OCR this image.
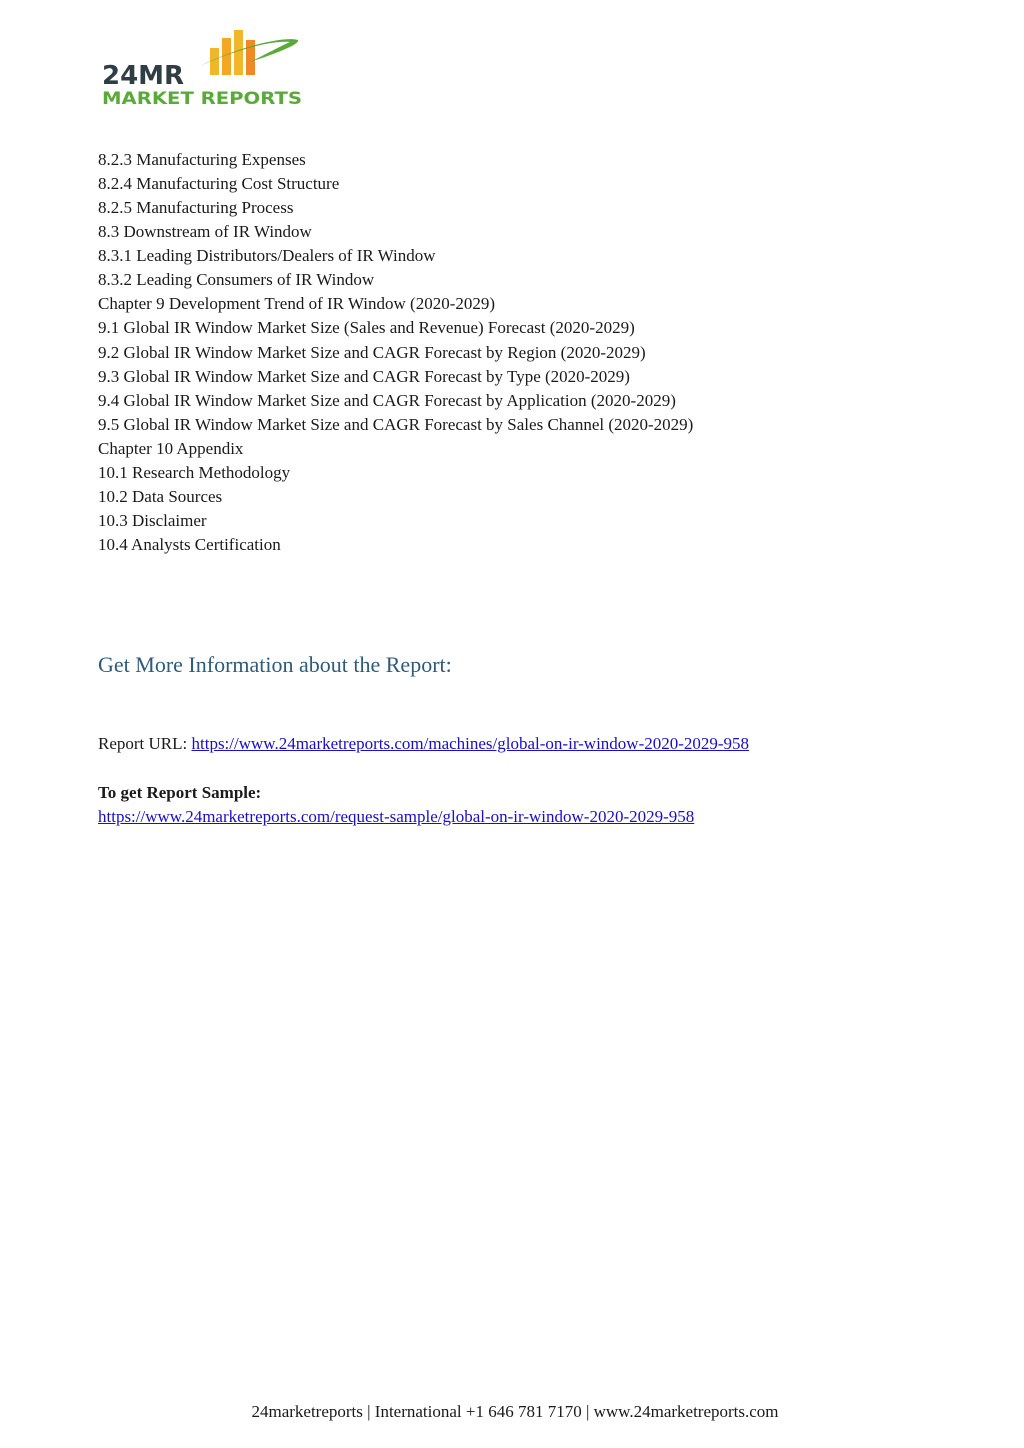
24MR
MARKET REPORTS
8.2.3 Manufacturing Expenses
8.2.4 Manufacturing Cost Structure
8.2.5 Manufacturing Process
8.3 Downstream of IR Window
8.3.1 Leading Distributors/Dealers of IR Window
8.3.2 Leading Consumers of IR Window
Chapter 9 Development Trend of IR Window (2020-2029)
9.1 Global IR Window Market Size (Sales and Revenue) Forecast (2020-2029)
9.2 Global IR Window Market Size and CAGR Forecast by Region (2020-2029)
9.3 Global IR Window Market Size and CAGR Forecast by Type (2020-2029)
9.4 Global IR Window Market Size and CAGR Forecast by Application (2020-2029)
9.5 Global IR Window Market Size and CAGR Forecast by Sales Channel (2020-2029)
Chapter 10 Appendix
10.1 Research Methodology
10.2 Data Sources
10.3 Disclaimer
10.4 Analysts Certification
Get More Information about the Report:
Report URL: https://www.24marketreports.com/machines/global-on-ir-window-2020-2029-958
To get Report Sample:
https://www.24marketreports.com/request-sample/global-on-ir-window-2020-2029-958
24marketreports | International +1 646 781 7170 | www.24marketreports.com
